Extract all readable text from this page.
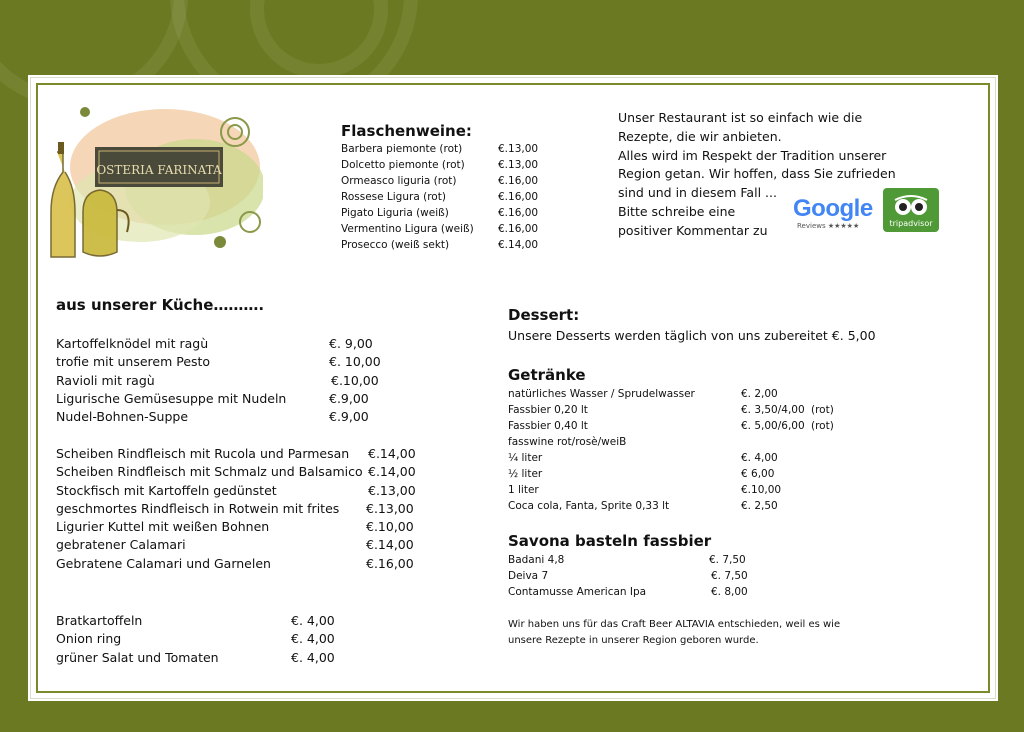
OSTERIA FARINATA
Flaschenweine:
Barbera piemonte (rot)	€.13,00
Dolcetto piemonte (rot)	€.13,00
Ormeasco liguria (rot)	€.16,00
Rossese Ligura (rot)	€.16,00
Pigato Liguria (weiß)	€.16,00
Vermentino Ligura (weiß) €.16,00
Prosecco (weiß sekt)	€.14,00
Unser Restaurant ist so einfach wie die
Rezepte, die wir anbieten.
Alles wird im Respekt der Tradition unserer
Region getan. Wir hoffen, dass Sie zufrieden
sind und in diesem Fall ...
Bitte schreibe eine
positiver Kommentar zu
Google
Reviews ★★★★★	tripadvisor
aus unserer Küche……….
Kartoffelknödel mit ragù	€. 9,00
trofie mit unserem Pesto	€. 10,00
Ravioli mit ragù	€.10,00
Ligurische Gemüsesuppe mit Nudeln	€.9,00
Nudel-Bohnen-Suppe	€.9,00
Scheiben Rindfleisch mit Rucola und Parmesan €.14,00
Scheiben Rindfleisch mit Schmalz und Balsamico €.14,00
Stockfisch mit Kartoffeln gedünstet	€.13,00
geschmortes Rindfleisch in Rotwein mit frites €.13,00
Ligurier Kuttel mit weißen Bohnen	€.10,00
gebratener Calamari	€.14,00
Gebratene Calamari und Garnelen	€.16,00
Bratkartoffeln	€. 4,00
Onion ring	€. 4,00
grüner Salat und Tomaten	€. 4,00
Dessert:
Unsere Desserts werden täglich von uns zubereitet €. 5,00
Getränke
natürliches Wasser / Sprudelwasser	€. 2,00
Fassbier 0,20 lt	€. 3,50/4,00 (rot)
Fassbier 0,40 lt	€. 5,00/6,00 (rot)
fasswine rot/rosè/weiB
¼ liter	€. 4,00
½ liter	€ 6,00
1 liter	€.10,00
Coca cola, Fanta, Sprite 0,33 lt	€. 2,50
Savona basteln fassbier
Badani 4,8	€. 7,50
Deiva 7	€. 7,50
Contamusse American Ipa	€. 8,00
Wir haben uns für das Craft Beer ALTAVIA entschieden, weil es wie
unsere Rezepte in unserer Region geboren wurde.
